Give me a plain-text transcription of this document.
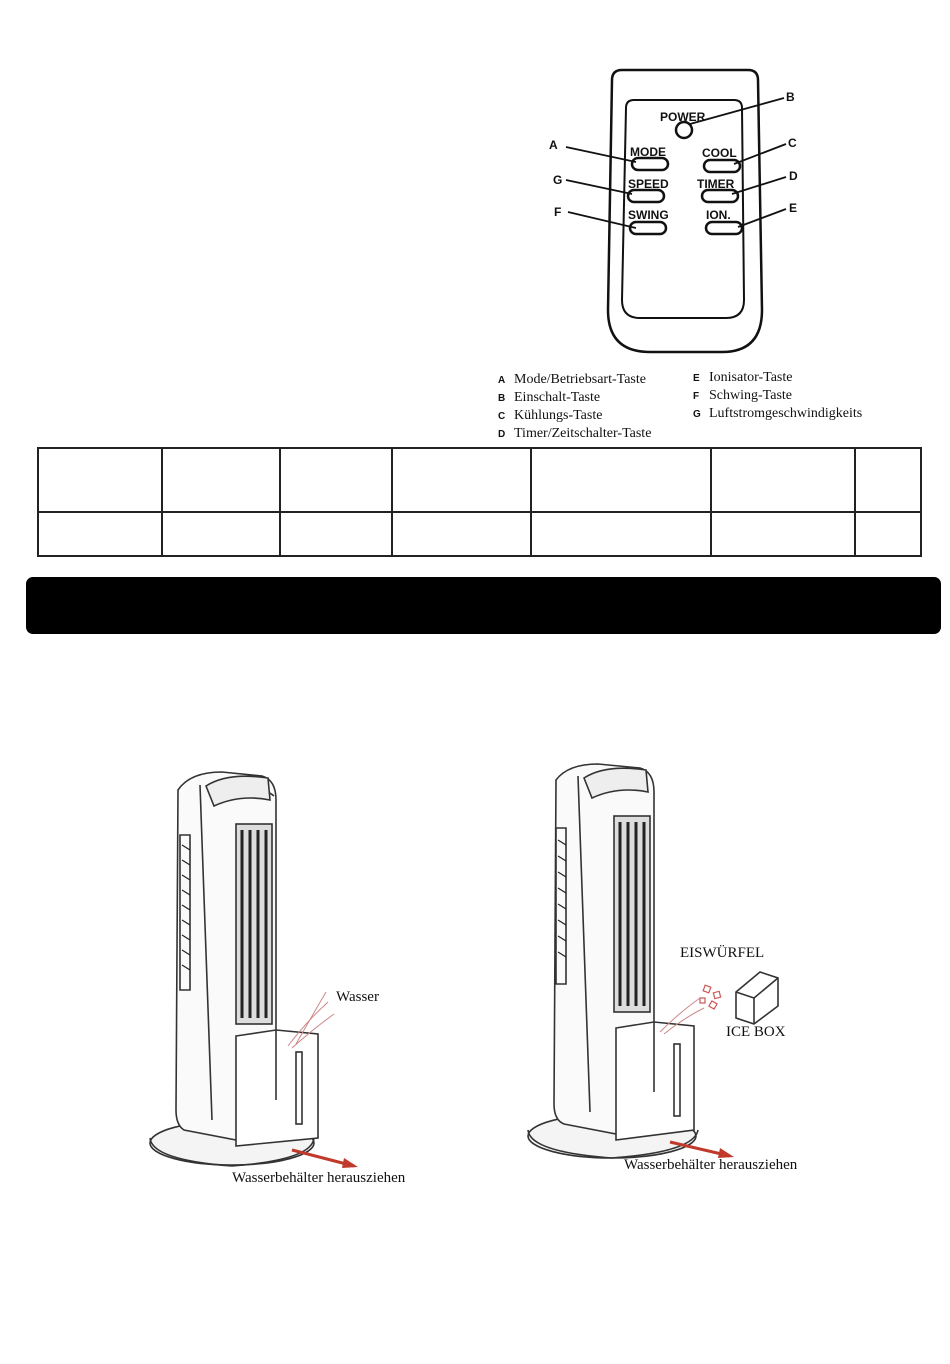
POWER
MODE	COOL
SPEED TIMER
SWING	ION.
A
B
C
D
E
F
G
A Mode/Betriebsart-Taste
B Einschalt-Taste
C Kühlungs-Taste
D Timer/Zeitschalter-Taste
E Ionisator-Taste
F Schwing-Taste
G Luftstromgeschwindigkeits

Wasser
Wasserbehälter herausziehen
EISWÜRFEL
ICE BOX
Wasserbehälter herausziehen
